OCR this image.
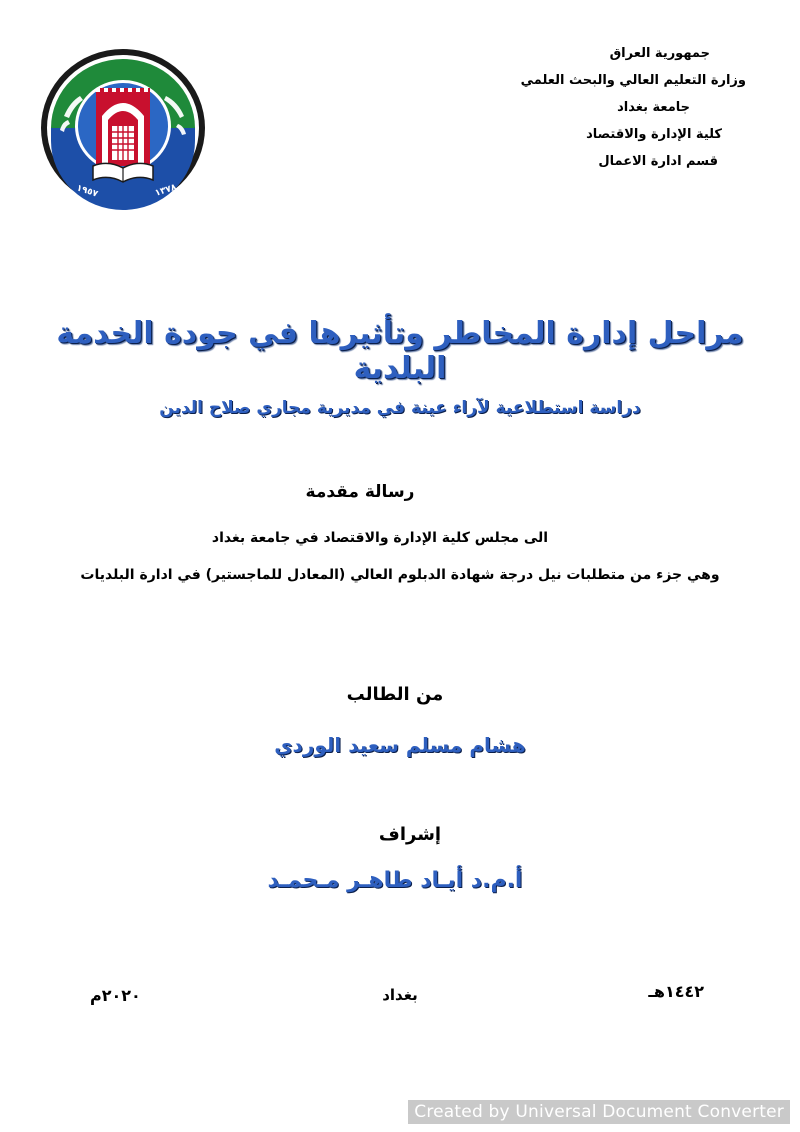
جمهورية العراق
وزارة التعليم العالي والبحث العلمي
جامعة بغداد
كلية الإدارة والاقتصاد
قسم ادارة الاعمال
١٩٥٧	١٣٧٨
مراحل إدارة المخاطر وتأثيرها في جودة الخدمة البلدية
دراسة استطلاعية لآراء عينة في مديرية مجاري صلاح الدين
رسالة مقدمة
الى مجلس كلية الإدارة والاقتصاد في جامعة بغداد
وهي جزء من متطلبات نيل درجة شهادة الدبلوم العالي (المعادل للماجستير) في ادارة البلديات
من الطالب
هشام مسلم سعيد الوردي
إشراف
أ.م.د أيـاد طاهـر مـحمـد
١٤٤٢هـ
بغداد
٢٠٢٠م
Created by Universal Document Converter
